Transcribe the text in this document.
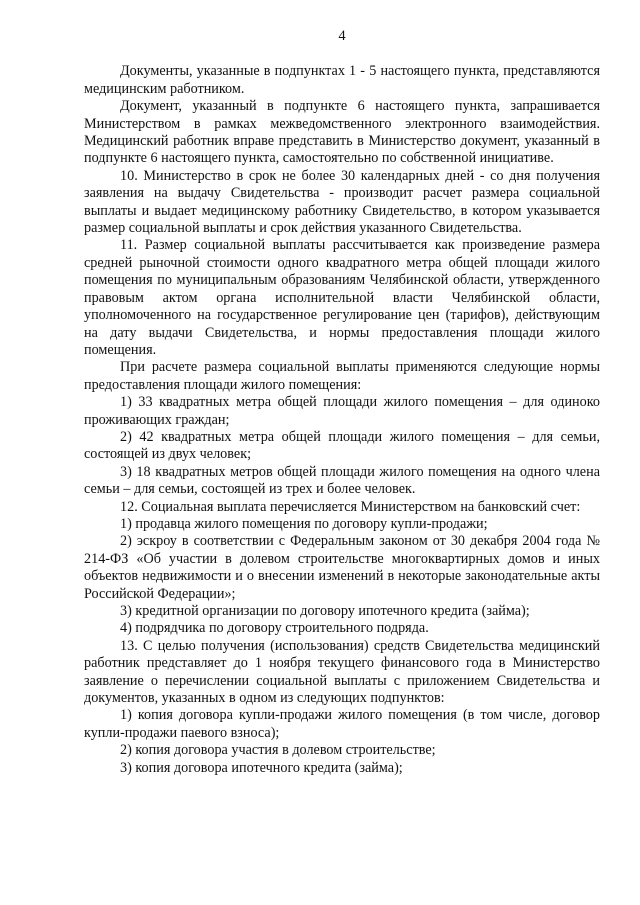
4

Документы, указанные в подпунктах 1 - 5 настоящего пункта, представляются медицинским работником.

Документ, указанный в подпункте 6 настоящего пункта, запрашивается Министерством в рамках межведомственного электронного взаимодействия. Медицинский работник вправе представить в Министерство документ, указанный в подпункте 6 настоящего пункта, самостоятельно по собственной инициативе.

10. Министерство в срок не более 30 календарных дней - со дня получения заявления на выдачу Свидетельства - производит расчет размера социальной выплаты и выдает медицинскому работнику Свидетельство, в котором указывается размер социальной выплаты и срок действия указанного Свидетельства.

11. Размер социальной выплаты рассчитывается как произведение размера средней рыночной стоимости одного квадратного метра общей площади жилого помещения по муниципальным образованиям Челябинской области, утвержденного правовым актом органа исполнительной власти Челябинской области, уполномоченного на государственное регулирование цен (тарифов), действующим на дату выдачи Свидетельства, и нормы предоставления площади жилого помещения.

При расчете размера социальной выплаты применяются следующие нормы предоставления площади жилого помещения:

1) 33 квадратных метра общей площади жилого помещения – для одиноко проживающих граждан;

2) 42 квадратных метра общей площади жилого помещения – для семьи, состоящей из двух человек;

3) 18 квадратных метров общей площади жилого помещения на одного члена семьи – для семьи, состоящей из трех и более человек.

12. Социальная выплата перечисляется Министерством на банковский счет:

1) продавца жилого помещения по договору купли-продажи;

2) эскроу в соответствии с Федеральным законом от 30 декабря 2004 года № 214-ФЗ «Об участии в долевом строительстве многоквартирных домов и иных объектов недвижимости и о внесении изменений в некоторые законодательные акты Российской Федерации»;

3) кредитной организации по договору ипотечного кредита (займа);

4) подрядчика по договору строительного подряда.

13. С целью получения (использования) средств Свидетельства медицинский работник представляет до 1 ноября текущего финансового года в Министерство заявление о перечислении социальной выплаты с приложением Свидетельства и документов, указанных в одном из следующих подпунктов:

1) копия договора купли-продажи жилого помещения (в том числе, договор купли-продажи паевого взноса);

2) копия договора участия в долевом строительстве;

3) копия договора ипотечного кредита (займа);
